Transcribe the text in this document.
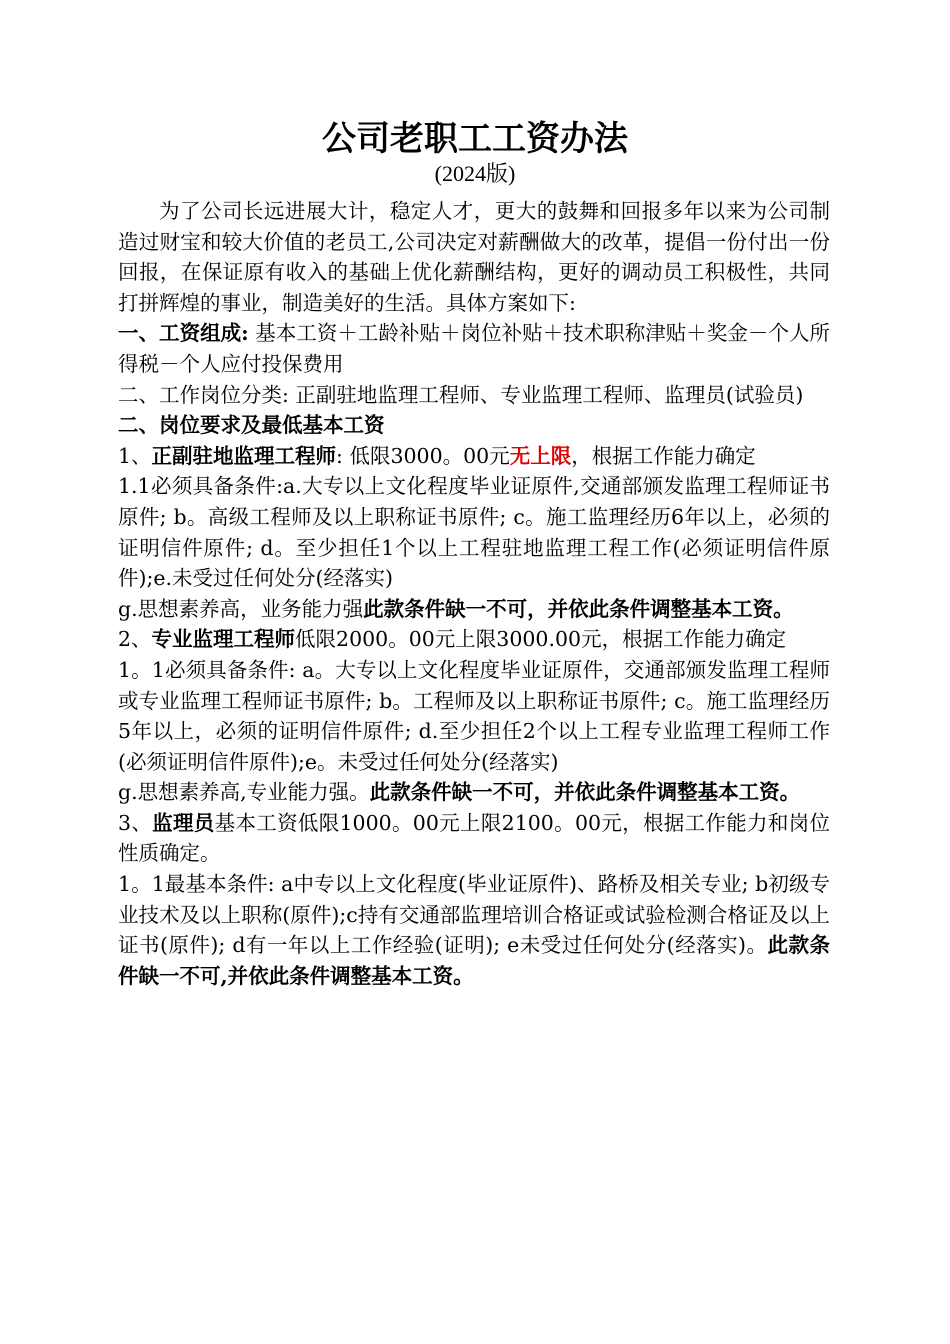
公司老职工工资办法
(2024版)

为了公司长远进展大计，稳定人才，更大的鼓舞和回报多年以来为公司制造过财宝和较大价值的老员工,公司决定对薪酬做大的改革，提倡一份付出一份回报，在保证原有收入的基础上优化薪酬结构，更好的调动员工积极性，共同打拼辉煌的事业，制造美好的生活。具体方案如下:

一、工资组成: 基本工资＋工龄补贴＋岗位补贴＋技术职称津贴＋奖金－个人所得税－个人应付投保费用

二、工作岗位分类: 正副驻地监理工程师、专业监理工程师、监理员(试验员)

二、岗位要求及最低基本工资

1、正副驻地监理工程师: 低限3000。00元无上限，根据工作能力确定

1.1必须具备条件:a.大专以上文化程度毕业证原件,交通部颁发监理工程师证书原件; b。高级工程师及以上职称证书原件; c。施工监理经历6年以上，必须的证明信件原件; d。至少担任1个以上工程驻地监理工程工作(必须证明信件原件);e.未受过任何处分(经落实)

g.思想素养高，业务能力强此款条件缺一不可，并依此条件调整基本工资。

2、专业监理工程师低限2000。00元上限3000.00元，根据工作能力确定

1。1必须具备条件: a。大专以上文化程度毕业证原件，交通部颁发监理工程师或专业监理工程师证书原件; b。工程师及以上职称证书原件; c。施工监理经历5年以上，必须的证明信件原件; d.至少担任2个以上工程专业监理工程师工作(必须证明信件原件);e。未受过任何处分(经落实)

g.思想素养高,专业能力强。此款条件缺一不可，并依此条件调整基本工资。

3、监理员基本工资低限1000。00元上限2100。00元，根据工作能力和岗位性质确定。

1。1最基本条件: a中专以上文化程度(毕业证原件)、路桥及相关专业; b初级专业技术及以上职称(原件);c持有交通部监理培训合格证或试验检测合格证及以上证书(原件); d有一年以上工作经验(证明); e未受过任何处分(经落实)。此款条件缺一不可,并依此条件调整基本工资。
